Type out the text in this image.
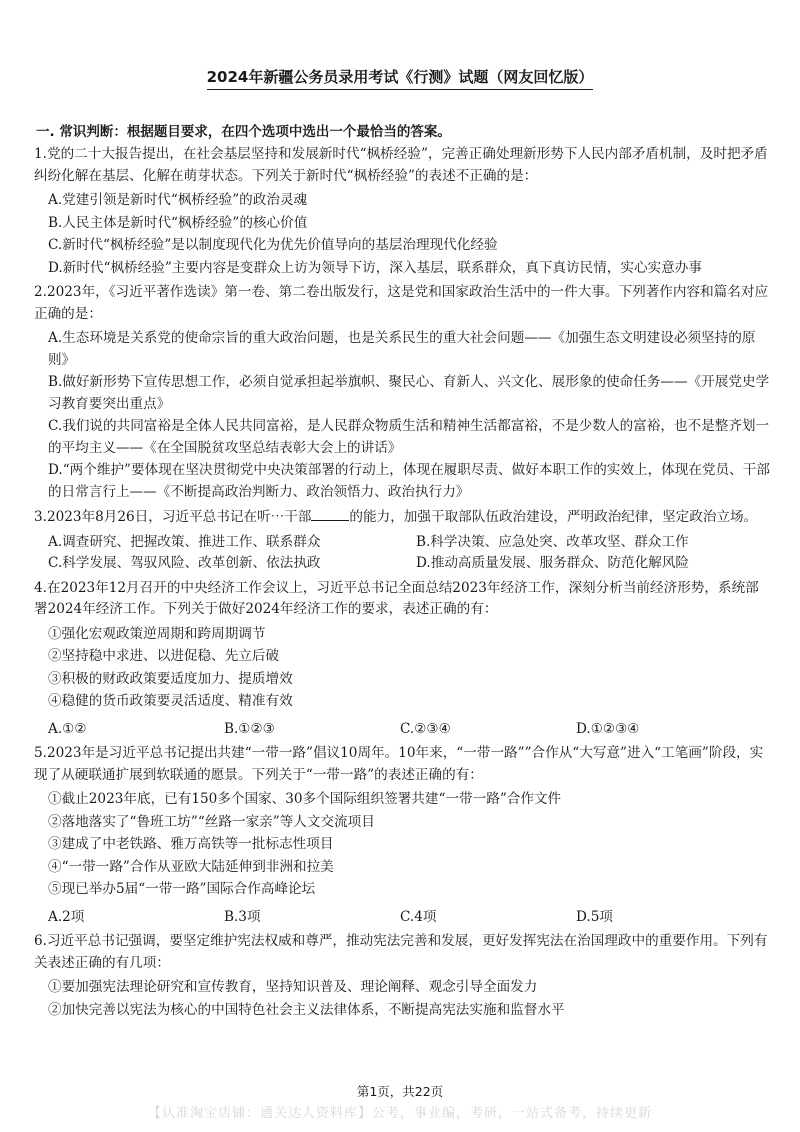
2024年新疆公务员录用考试《行测》试题（网友回忆版）
一. 常识判断：根据题目要求，在四个选项中选出一个最恰当的答案。

1.党的二十大报告提出，在社会基层坚持和发展新时代“枫桥经验”，完善正确处理新形势下人民内部矛盾机制，及时把矛盾纠纷化解在基层、化解在萌芽状态。下列关于新时代“枫桥经验”的表述不正确的是：

A.党建引领是新时代“枫桥经验”的政治灵魂

B.人民主体是新时代“枫桥经验”的核心价值

C.新时代“枫桥经验”是以制度现代化为优先价值导向的基层治理现代化经验

D.新时代“枫桥经验”主要内容是变群众上访为领导下访，深入基层，联系群众，真下真访民情，实心实意办事

2.2023年，《习近平著作选读》第一卷、第二卷出版发行，这是党和国家政治生活中的一件大事。下列著作内容和篇名对应正确的是：

A.生态环境是关系党的使命宗旨的重大政治问题，也是关系民生的重大社会问题——《加强生态文明建设必须坚持的原则》

B.做好新形势下宣传思想工作，必须自觉承担起举旗帜、聚民心、育新人、兴文化、展形象的使命任务——《开展党史学习教育要突出重点》

C.我们说的共同富裕是全体人民共同富裕，是人民群众物质生活和精神生活都富裕，不是少数人的富裕，也不是整齐划一的平均主义——《在全国脱贫攻坚总结表彰大会上的讲话》

D.“两个维护”要体现在坚决贯彻党中央决策部署的行动上，体现在履职尽责、做好本职工作的实效上，体现在党员、干部的日常言行上——《不断提高政治判断力、政治领悟力、政治执行力》

3.2023年8月26日，习近平总书记在听⋯干部	的能力，加强干取部队伍政治建设，严明政治纪律，坚定政治立场。

A.调查研究、把握改策、推进工作、联系群众	B.科学决策、应急处突、改革攻坚、群众工作
C.科学发展、驾驭风险、改革创新、依法执政	D.推动高质量发展、服务群众、防范化解风险

4.在2023年12月召开的中央经济工作会议上，习近平总书记全面总结2023年经济工作，深刻分析当前经济形势，系统部署2024年经济工作。下列关于做好2024年经济工作的要求，表述正确的有：

①强化宏观政策逆周期和跨周期调节

②坚持稳中求进、以进促稳、先立后破

③积极的财政政策要适度加力、提质增效

④稳健的货币政策要灵活适度、精准有效

A.①②	B.①②③	C.②③④	D.①②③④

5.2023年是习近平总书记提出共建“一带一路”倡议10周年。10年来，“一带一路””合作从“大写意”进入“工笔画”阶段，实现了从硬联通扩展到软联通的愿景。下列关于“一带一路”的表述正确的有：

①截止2023年底，已有150多个国家、30多个国际组织签署共建“一带一路”合作文件

②落地落实了“鲁班工坊”“丝路一家亲”等人文交流项目

③建成了中老铁路、雅万高铁等一批标志性项目

④“一带一路”合作从亚欧大陆延伸到非洲和拉美

⑤现已举办5届“一带一路”国际合作高峰论坛

A.2项	B.3项	C.4项	D.5项

6.习近平总书记强调，要坚定维护宪法权威和尊严，推动宪法完善和发展，更好发挥宪法在治国理政中的重要作用。下列有关表述正确的有几项：

①要加强宪法理论研究和宣传教育，坚持知识普及、理论阐释、观念引导全面发力

②加快完善以宪法为核心的中国特色社会主义法律体系，不断提高宪法实施和监督水平

第1页，共22页
【认准淘宝店铺：通关达人资料库】公考，事业编，考研，一站式备考，持续更新
